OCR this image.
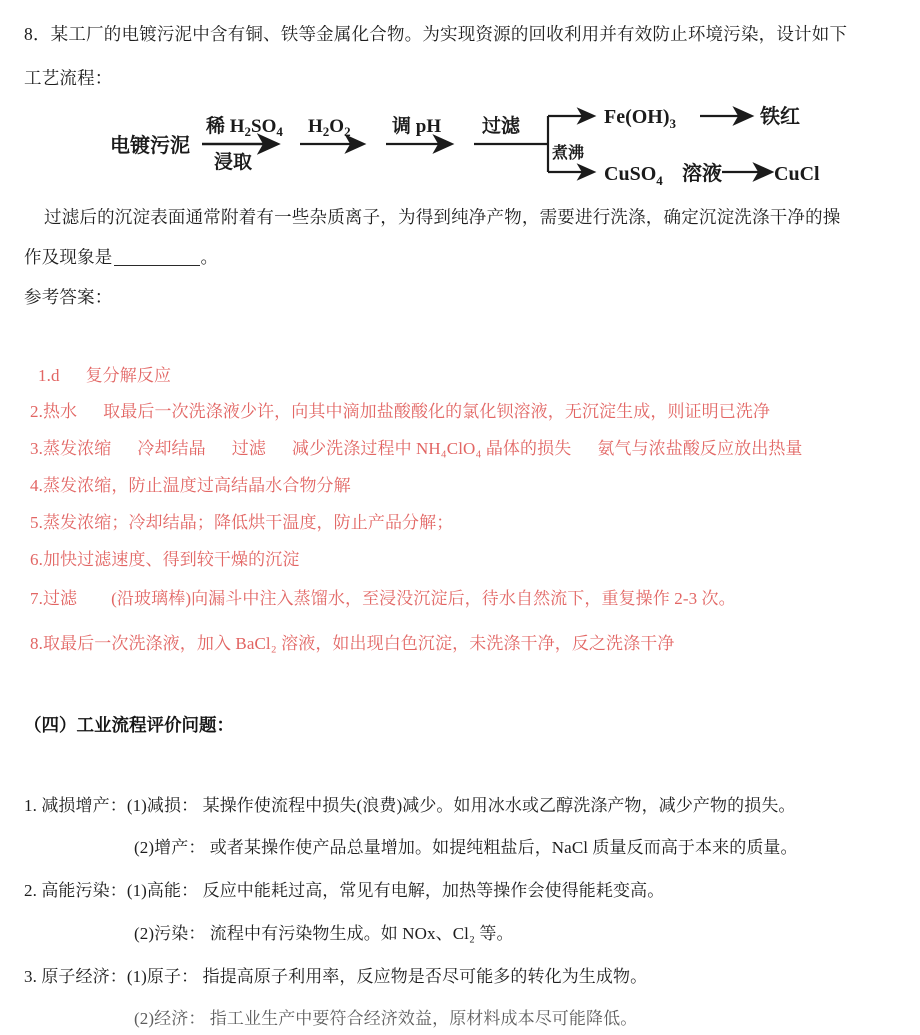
8．某工厂的电镀污泥中含有铜、铁等金属化合物。为实现资源的回收利用并有效防止环境污染，设计如下
工艺流程：
电镀污泥
稀 $H_2SO_4$
浸取
$H_2O_2$ 调 pH 过滤
煮沸
$Fe(OH)_3$	铁红
CuSO$_4$ 溶液	CuCl
过滤后的沉淀表面通常附着有一些杂质离子，为得到纯净产物，需要进行洗涤，确定沉淀洗涤干净的操
作及现象是	。
参考答案：
1.d 复分解反应
2.热水 取最后一次洗涤液少许，向其中滴加盐酸酸化的氯化钡溶液，无沉淀生成，则证明已洗净
3.蒸发浓缩 冷却结晶 过滤 减少洗涤过程中 NH₄ClO₄ 晶体的损失 氨气与浓盐酸反应放出热量
4.蒸发浓缩，防止温度过高结晶水合物分解
5.蒸发浓缩；冷却结晶；降低烘干温度，防止产品分解；
6.加快过滤速度、得到较干燥的沉淀
7.过滤 (沿玻璃棒)向漏斗中注入蒸馏水，至浸没沉淀后，待水自然流下，重复操作 2-3 次。
8.取最后一次洗涤液，加入 BaCl₂ 溶液，如出现白色沉淀，未洗涤干净，反之洗涤干净
（四）工业流程评价问题：
1. 减损增产：(1)减损： 某操作使流程中损失(浪费)减少。如用冰水或乙醇洗涤产物，减少产物的损失。
(2)增产： 或者某操作使产品总量增加。如提纯粗盐后，NaCl 质量反而高于本来的质量。
2. 高能污染：(1)高能： 反应中能耗过高，常见有电解，加热等操作会使得能耗变高。
(2)污染： 流程中有污染物生成。如 NOx、Cl₂ 等。
3. 原子经济：(1)原子： 指提高原子利用率，反应物是否尽可能多的转化为生成物。
(2)经济： 指工业生产中要符合经济效益，原材料成本尽可能降低。
